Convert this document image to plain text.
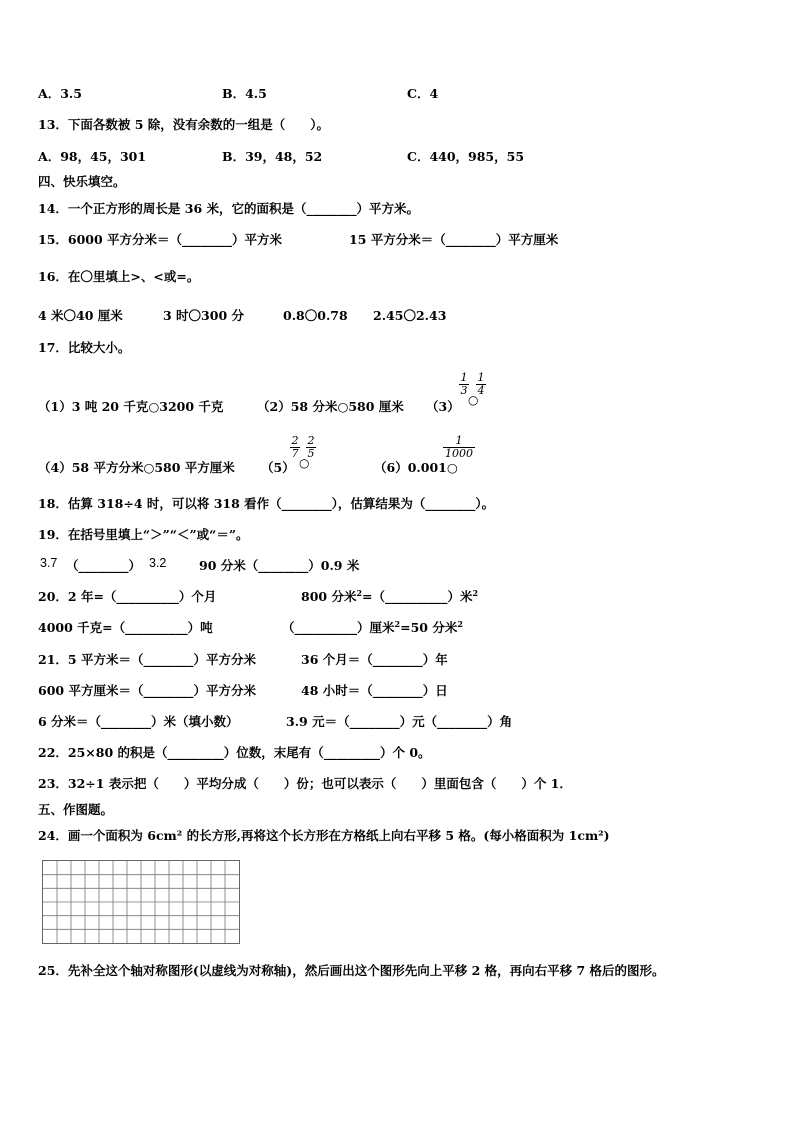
A．3.5	B．4.5	C．4
13．下面各数被 5 除，没有余数的一组是（　　）。
A．98，45，301	B．39，48，52	C．440，985，55
四、快乐填空。
14．一个正方形的周长是 36 米，它的面积是（________）平方米。
15．6000 平方分米＝（________）平方米	15 平方分米＝（________）平方厘米
16．在〇里填上>、<或=。
4 米〇40 厘米	3 时〇300 分	0.8〇0.78 2.45〇2.43
17．比较大小。
（1）3 吨 20 千克○3200 千克	（2）58 分米○580 厘米 （3）
1
3
○
1
4
（4）58 平方分米○580 平方厘米 （5）
2
7
○
2
5
（6）0.001○
1
1000
18．估算 318÷4 时，可以将 318 看作（________），估算结果为（________）。
19．在括号里填上“＞”“＜”或“＝”。
3.7 （________） 3.2	90 分米（________）0.9 米
20．2 年=（__________）个月	800 分米$^2$=（__________）米$^2$
4000 千克=（__________）吨	（__________）厘米$^2$=50 分米$^2$
21．5 平方米＝（________）平方分米	36 个月＝（________）年
600 平方厘米＝（________）平方分米	48 小时＝（________）日
6 分米＝（________）米（填小数）	3.9 元＝（________）元（________）角
22．25×80 的积是（_________）位数，末尾有（_________）个 0。
23．32÷1 表示把（　　）平均分成（　　）份；也可以表示（　　）里面包含（　　）个 1．
五、作图题。
24．画一个面积为 6cm² 的长方形,再将这个长方形在方格纸上向右平移 5 格。(每小格面积为 1cm²)
25．先补全这个轴对称图形(以虚线为对称轴)，然后画出这个图形先向上平移 2 格，再向右平移 7 格后的图形。
